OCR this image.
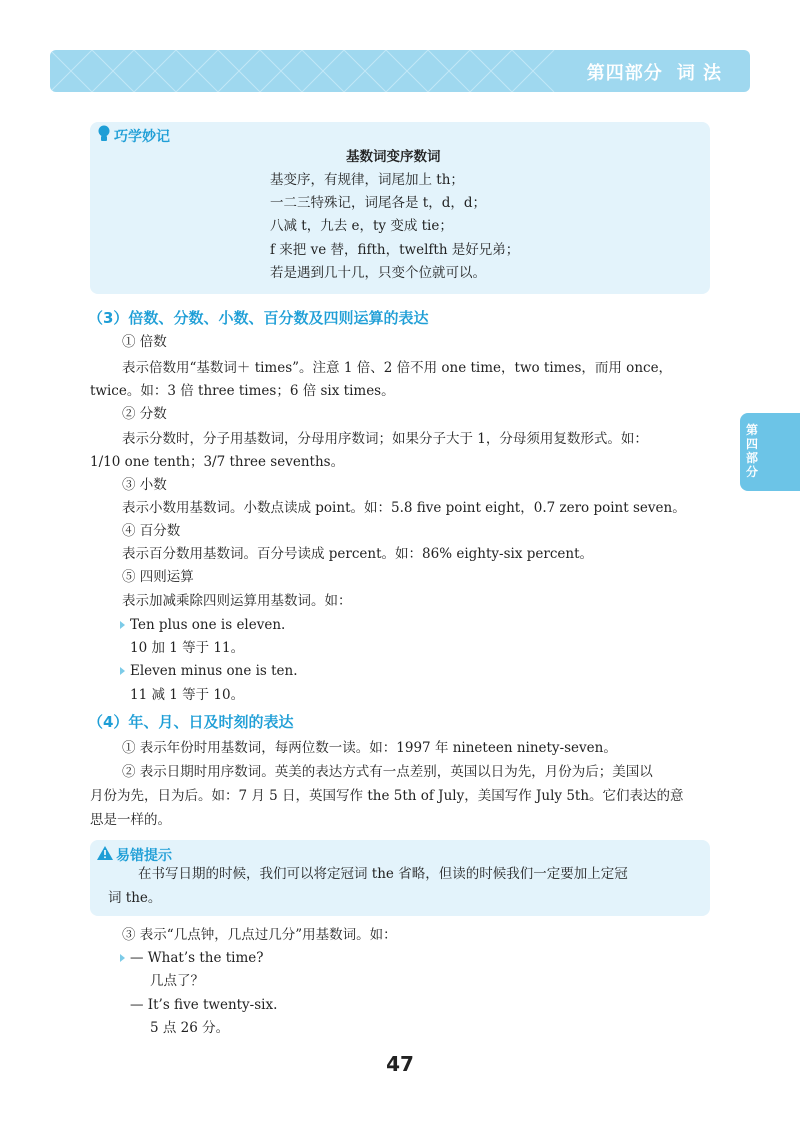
第四部分 词 法
第四部分
巧学妙记
基数词变序数词
基变序，有规律，词尾加上 th；
一二三特殊记，词尾各是 t，d，d；
八减 t，九去 e，ty 变成 tie；
f 来把 ve 替，fifth，twelfth 是好兄弟；
若是遇到几十几，只变个位就可以。
（3）倍数、分数、小数、百分数及四则运算的表达
① 倍数
表示倍数用“基数词＋ times”。注意 1 倍、2 倍不用 one time，two times，而用 once，
twice。如：3 倍 three times；6 倍 six times。
② 分数
表示分数时，分子用基数词，分母用序数词；如果分子大于 1，分母须用复数形式。如：
1/10 one tenth；3/7 three sevenths。
③ 小数
表示小数用基数词。小数点读成 point。如：5.8 five point eight，0.7 zero point seven。
④ 百分数
表示百分数用基数词。百分号读成 percent。如：86% eighty-six percent。
⑤ 四则运算
表示加减乘除四则运算用基数词。如：
Ten plus one is eleven.
10 加 1 等于 11。
Eleven minus one is ten.
11 减 1 等于 10。
（4）年、月、日及时刻的表达
① 表示年份时用基数词，每两位数一读。如：1997 年 nineteen ninety-seven。
② 表示日期时用序数词。英美的表达方式有一点差别，英国以日为先，月份为后；美国以
月份为先，日为后。如：7 月 5 日，英国写作 the 5th of July，美国写作 July 5th。它们表达的意
思是一样的。
易错提示
在书写日期的时候，我们可以将定冠词 the 省略，但读的时候我们一定要加上定冠
词 the。
③ 表示“几点钟，几点过几分”用基数词。如：
— What’s the time?
几点了？
— It’s five twenty-six.
5 点 26 分。
47
